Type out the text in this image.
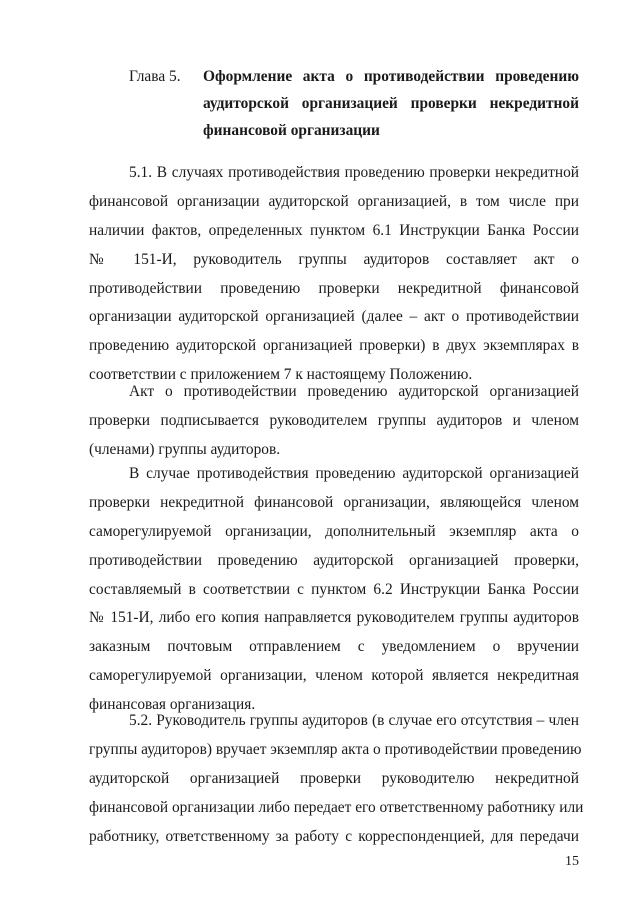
Глава 5.	Оформление акта о противодействии проведению
аудиторской организацией проверки некредитной
финансовой организации
5.1. В случаях противодействия проведению проверки некредитной
финансовой организации аудиторской организацией, в том числе при
наличии фактов, определенных пунктом 6.1 Инструкции Банка России
№ 151-И, руководитель группы аудиторов составляет акт о
противодействии проведению проверки некредитной финансовой
организации аудиторской организацией (далее – акт о противодействии
проведению аудиторской организацией проверки) в двух экземплярах в
соответствии с приложением 7 к настоящему Положению.
Акт о противодействии проведению аудиторской организацией
проверки подписывается руководителем группы аудиторов и членом
(членами) группы аудиторов.
В случае противодействия проведению аудиторской организацией
проверки некредитной финансовой организации, являющейся членом
саморегулируемой организации, дополнительный экземпляр акта о
противодействии проведению аудиторской организацией проверки,
составляемый в соответствии с пунктом 6.2 Инструкции Банка России
№ 151-И, либо его копия направляется руководителем группы аудиторов
заказным почтовым отправлением с уведомлением о вручении
саморегулируемой организации, членом которой является некредитная
финансовая организация.
5.2. Руководитель группы аудиторов (в случае его отсутствия – член
группы аудиторов) вручает экземпляр акта о противодействии проведению
аудиторской организацией проверки руководителю некредитной
финансовой организации либо передает его ответственному работнику или
работнику, ответственному за работу с корреспонденцией, для передачи
15
